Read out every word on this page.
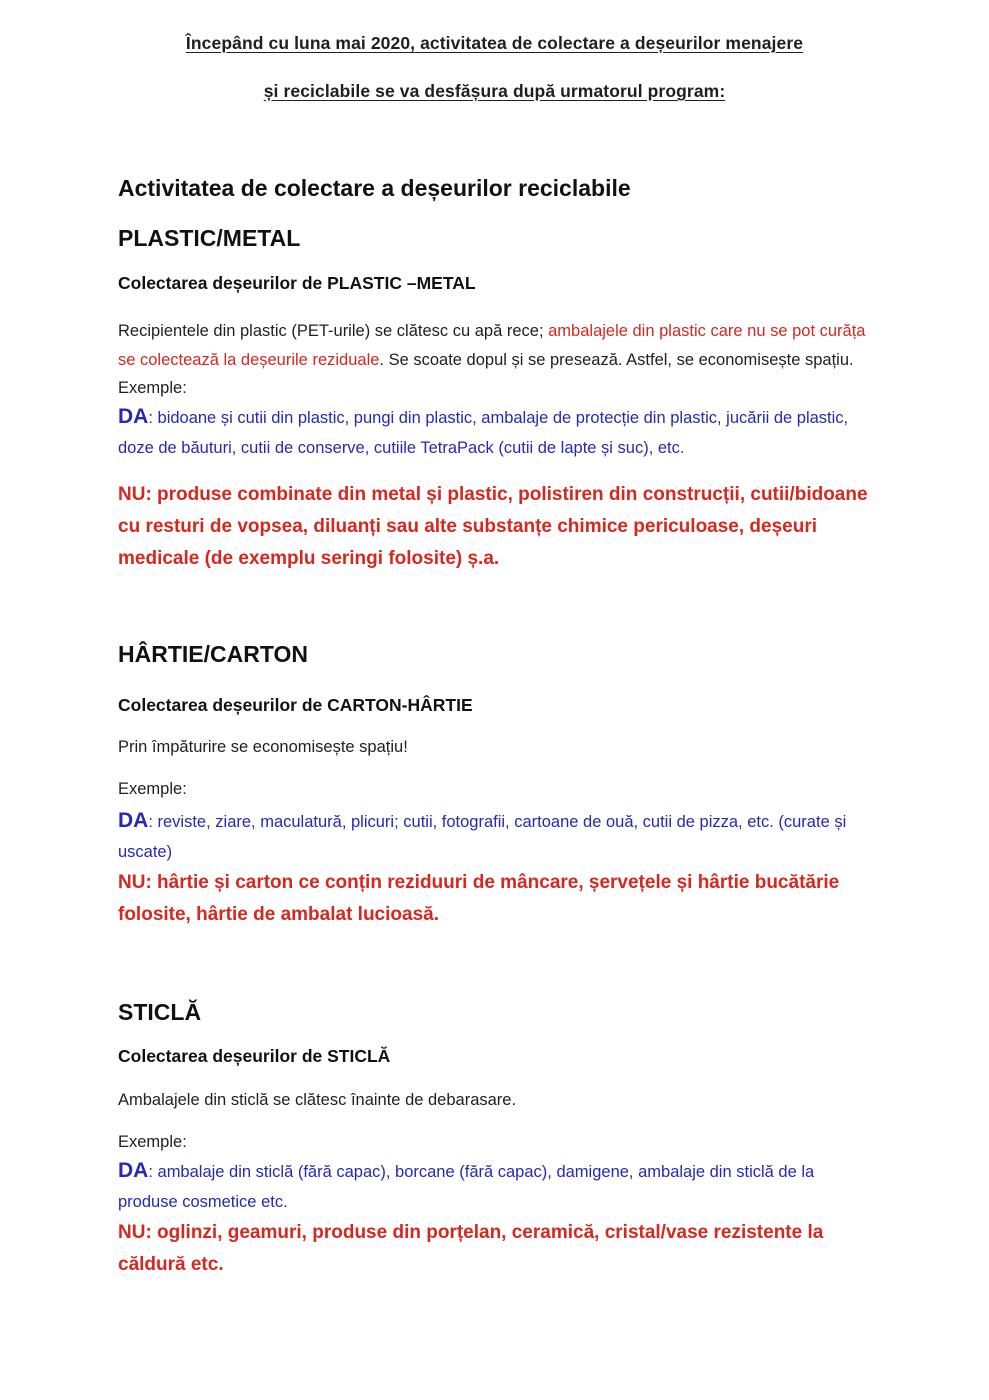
Începând cu luna mai 2020, activitatea de colectare a deșeurilor menajere
și reciclabile se va desfășura după urmatorul program:
Activitatea de colectare a deșeurilor reciclabile
PLASTIC/METAL
Colectarea deșeurilor de PLASTIC –METAL

Recipientele din plastic (PET-urile) se clătesc cu apă rece; ambalajele din plastic care nu se pot curăța se colectează la deșeurile reziduale. Se scoate dopul și se presează. Astfel, se economisește spațiu.

Exemple:

DA: bidoane și cutii din plastic, pungi din plastic, ambalaje de protecție din plastic, jucării de plastic, doze de băuturi, cutii de conserve, cutiile TetraPack (cutii de lapte și suc), etc.

NU: produse combinate din metal și plastic, polistiren din construcții, cutii/bidoane cu resturi de vopsea, diluanți sau alte substanțe chimice periculoase, deșeuri medicale (de exemplu seringi folosite) ș.a.

HÂRTIE/CARTON
Colectarea deșeurilor de CARTON-HÂRTIE

Prin împăturire se economisește spațiu!

Exemple:

DA: reviste, ziare, maculatură, plicuri; cutii, fotografii, cartoane de ouă, cutii de pizza, etc. (curate și uscate)

NU: hârtie și carton ce conțin reziduuri de mâncare, șervețele și hârtie bucătărie folosite, hârtie de ambalat lucioasă.

STICLĂ
Colectarea deșeurilor de STICLĂ

Ambalajele din sticlă se clătesc înainte de debarasare.

Exemple:

DA: ambalaje din sticlă (fără capac), borcane (fără capac), damigene, ambalaje din sticlă de la produse cosmetice etc.

NU: oglinzi, geamuri, produse din porțelan, ceramică, cristal/vase rezistente la căldură etc.
